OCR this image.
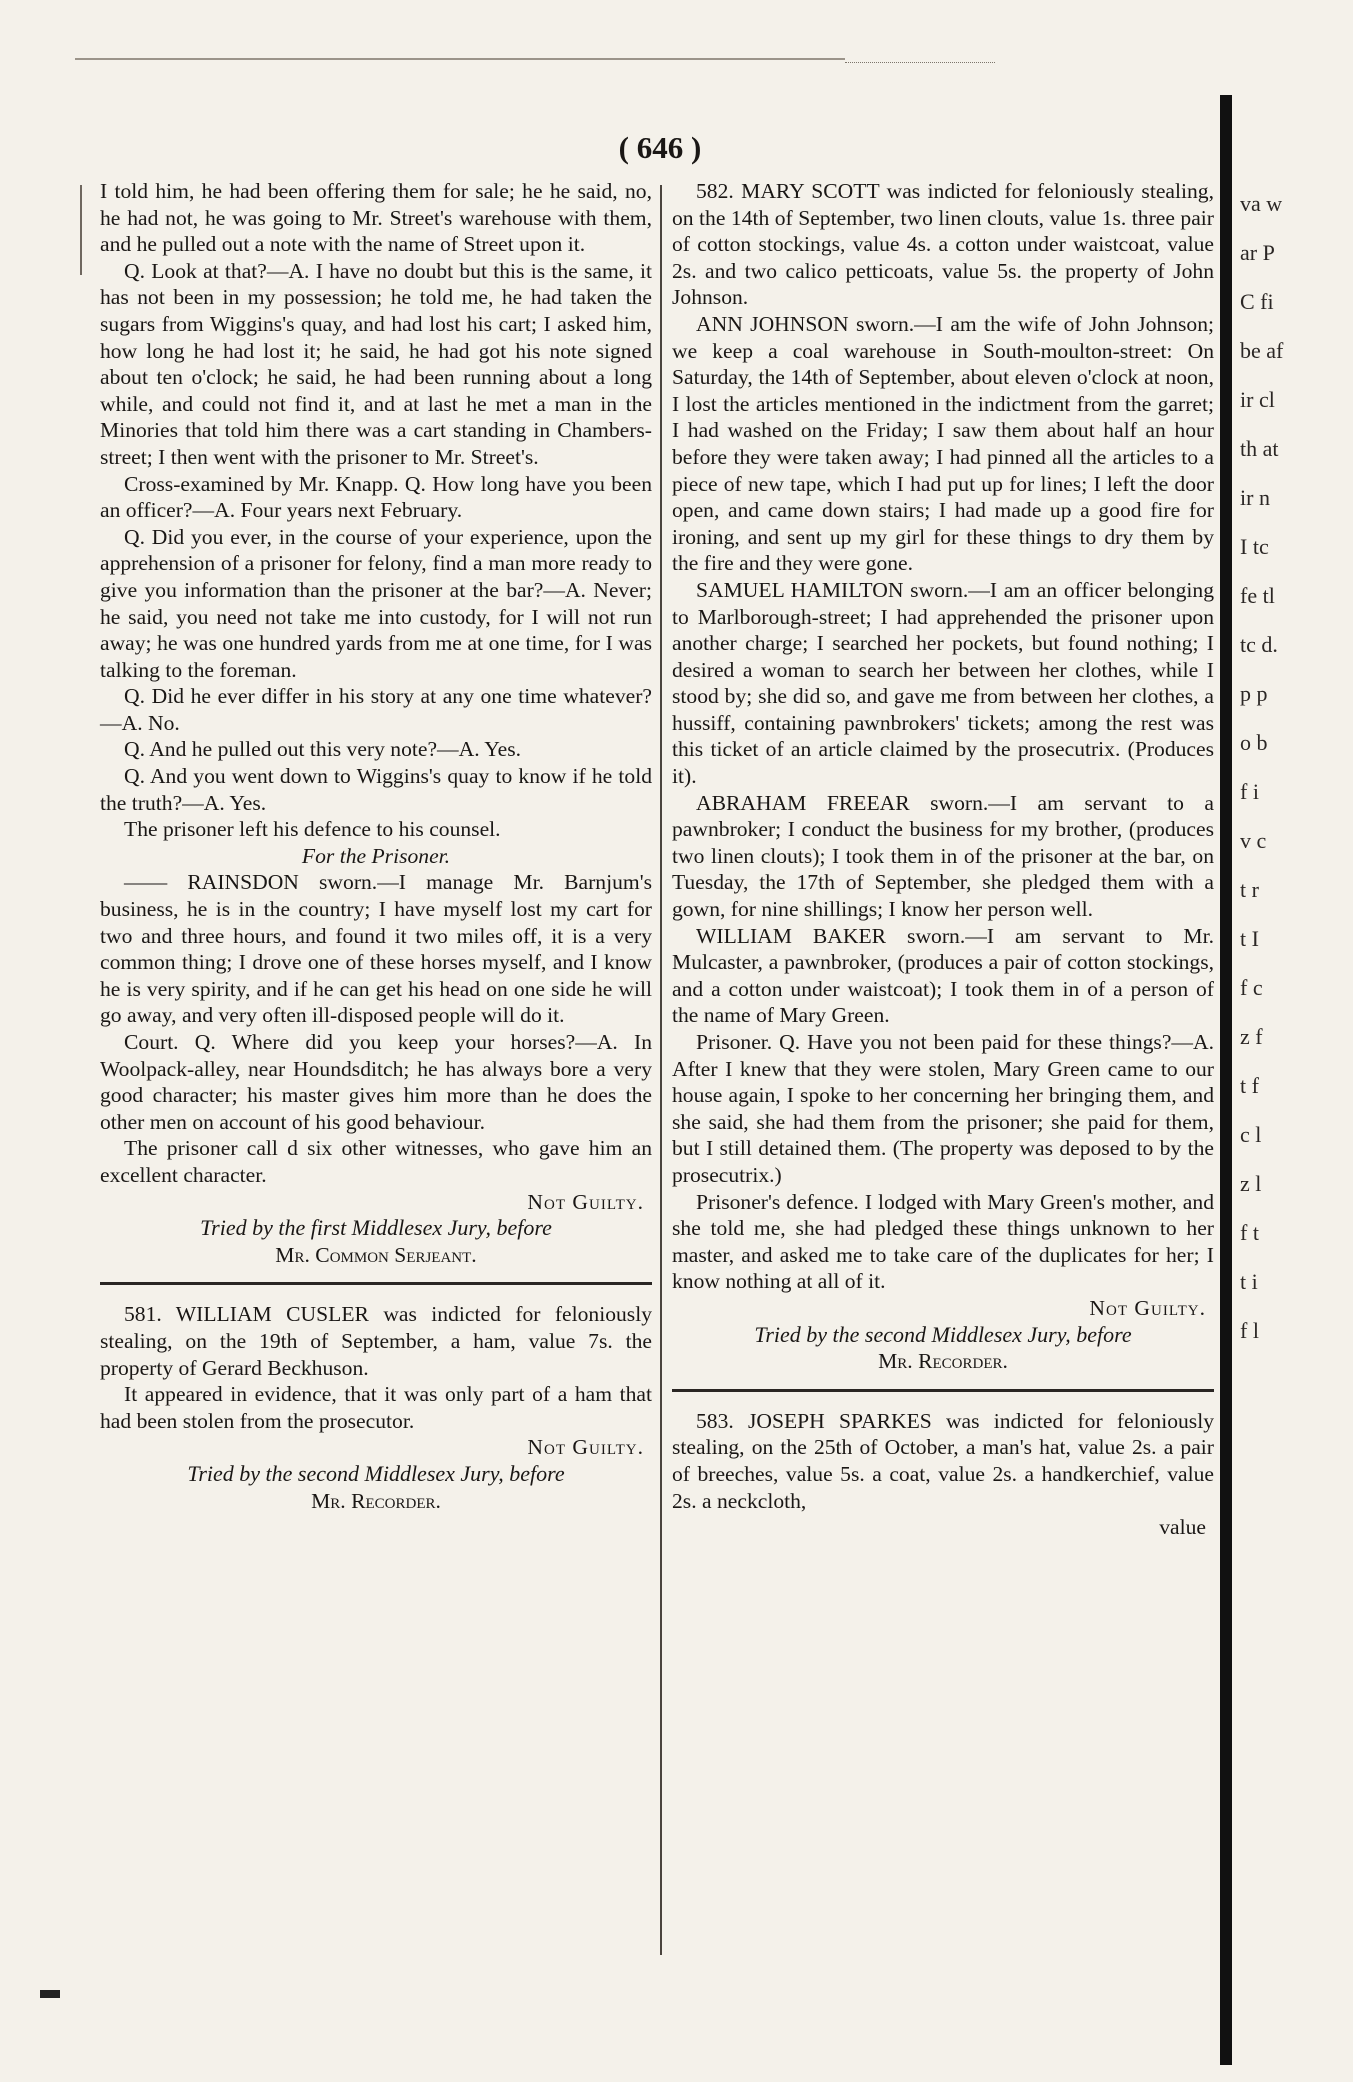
( 646 )

I told him, he had been offering them for sale; he he said, no, he had not, he was going to Mr. Street's warehouse with them, and he pulled out a note with the name of Street upon it.

Q. Look at that?—A. I have no doubt but this is the same, it has not been in my possession; he told me, he had taken the sugars from Wiggins's quay, and had lost his cart; I asked him, how long he had lost it; he said, he had got his note signed about ten o'clock; he said, he had been running about a long while, and could not find it, and at last he met a man in the Minories that told him there was a cart standing in Chambers-street; I then went with the prisoner to Mr. Street's.

Cross-examined by Mr. Knapp. Q. How long have you been an officer?—A. Four years next February.

Q. Did you ever, in the course of your experience, upon the apprehension of a prisoner for felony, find a man more ready to give you information than the prisoner at the bar?—A. Never; he said, you need not take me into custody, for I will not run away; he was one hundred yards from me at one time, for I was talking to the foreman.

Q. Did he ever differ in his story at any one time whatever?—A. No.

Q. And he pulled out this very note?—A. Yes.

Q. And you went down to Wiggins's quay to know if he told the truth?—A. Yes.

The prisoner left his defence to his counsel.

For the Prisoner.

—— RAINSDON sworn.—I manage Mr. Barnjum's business, he is in the country; I have myself lost my cart for two and three hours, and found it two miles off, it is a very common thing; I drove one of these horses myself, and I know he is very spirity, and if he can get his head on one side he will go away, and very often ill-disposed people will do it.

Court. Q. Where did you keep your horses?—A. In Woolpack-alley, near Houndsditch; he has always bore a very good character; his master gives him more than he does the other men on account of his good behaviour.

The prisoner call d six other witnesses, who gave him an excellent character.

Not Guilty.

Tried by the first Middlesex Jury, before

Mr. Common Serjeant.

581. WILLIAM CUSLER was indicted for feloniously stealing, on the 19th of September, a ham, value 7s. the property of Gerard Beckhuson.

It appeared in evidence, that it was only part of a ham that had been stolen from the prosecutor.

Not Guilty.

Tried by the second Middlesex Jury, before

Mr. Recorder.

582. MARY SCOTT was indicted for feloniously stealing, on the 14th of September, two linen clouts, value 1s. three pair of cotton stockings, value 4s. a cotton under waistcoat, value 2s. and two calico petticoats, value 5s. the property of John Johnson.

ANN JOHNSON sworn.—I am the wife of John Johnson; we keep a coal warehouse in South-moulton-street: On Saturday, the 14th of September, about eleven o'clock at noon, I lost the articles mentioned in the indictment from the garret; I had washed on the Friday; I saw them about half an hour before they were taken away; I had pinned all the articles to a piece of new tape, which I had put up for lines; I left the door open, and came down stairs; I had made up a good fire for ironing, and sent up my girl for these things to dry them by the fire and they were gone.

SAMUEL HAMILTON sworn.—I am an officer belonging to Marlborough-street; I had apprehended the prisoner upon another charge; I searched her pockets, but found nothing; I desired a woman to search her between her clothes, while I stood by; she did so, and gave me from between her clothes, a hussiff, containing pawnbrokers' tickets; among the rest was this ticket of an article claimed by the prosecutrix. (Produces it).

ABRAHAM FREEAR sworn.—I am servant to a pawnbroker; I conduct the business for my brother, (produces two linen clouts); I took them in of the prisoner at the bar, on Tuesday, the 17th of September, she pledged them with a gown, for nine shillings; I know her person well.

WILLIAM BAKER sworn.—I am servant to Mr. Mulcaster, a pawnbroker, (produces a pair of cotton stockings, and a cotton under waistcoat); I took them in of a person of the name of Mary Green.

Prisoner. Q. Have you not been paid for these things?—A. After I knew that they were stolen, Mary Green came to our house again, I spoke to her concerning her bringing them, and she said, she had them from the prisoner; she paid for them, but I still detained them. (The property was deposed to by the prosecutrix.)

Prisoner's defence. I lodged with Mary Green's mother, and she told me, she had pledged these things unknown to her master, and asked me to take care of the duplicates for her; I know nothing at all of it.

Not Guilty.

Tried by the second Middlesex Jury, before

Mr. Recorder.

583. JOSEPH SPARKES was indicted for feloniously stealing, on the 25th of October, a man's hat, value 2s. a pair of breeches, value 5s. a coat, value 2s. a handkerchief, value 2s. a neckcloth,

value

va w
ar P
C fi
be af
ir cl
th at
ir n
I tc
fe tl
tc d.
p p
o b
f i
v c
t r
t I
f c
z f
t f
c l
z l
f t
t i
f l
